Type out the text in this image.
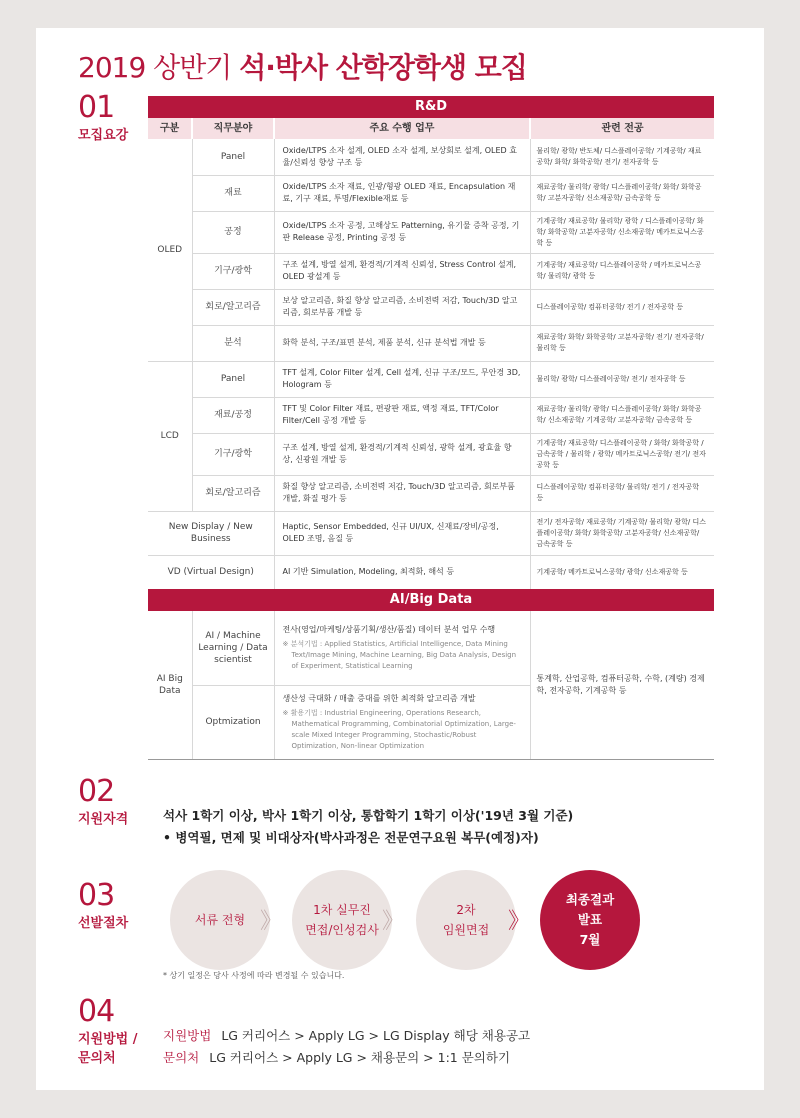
2019 상반기 석·박사 산학장학생 모집
01
모집요강
R&D			
구분	직무분야	주요 수행 업무	관련 전공
OLED	Panel	Oxide/LTPS 소자 설계, OLED 소자 설계, 보상회로 설계, OLED 효율/신뢰성 향상 구조 등	물리학/ 광학/ 반도체/ 디스플레이공학/ 기계공학/ 재료공학/ 화학/ 화학공학/ 전기/ 전자공학 등
	재료	Oxide/LTPS 소자 재료, 인광/형광 OLED 재료, Encapsulation 재료, 기구 재료, 투명/Flexible재료 등	재료공학/ 물리학/ 광학/ 디스플레이공학/ 화학/ 화학공학/ 고분자공학/ 신소재공학/ 금속공학 등
	공정	Oxide/LTPS 소자 공정, 고해상도 Patterning, 유기물 증착 공정, 기판 Release 공정, Printing 공정 등	기계공학/ 재료공학/ 물리학/ 광학 / 디스플레이공학/ 화학/ 화학공학/ 고분자공학/ 신소재공학/ 메카트로닉스공학 등
	기구/광학	구조 설계, 방열 설계, 환경적/기계적 신뢰성, Stress Control 설계, OLED 광설계 등	기계공학/ 재료공학/ 디스플레이공학 / 메카트로닉스공학/ 물리학/ 광학 등
	회로/알고리즘	보상 알고리즘, 화질 향상 알고리즘, 소비전력 저감, Touch/3D 알고리즘, 회로부품 개발 등	디스플레이공학/ 컴퓨터공학/ 전기 / 전자공학 등
	분석	화학 분석, 구조/표면 분석, 제품 분석, 신규 분석법 개발 등	재료공학/ 화학/ 화학공학/ 고분자공학/ 전기/ 전자공학/ 물리학 등
LCD	Panel	TFT 설계, Color Filter 설계, Cell 설계, 신규 구조/모드, 무안경 3D, Hologram 등	물리학/ 광학/ 디스플레이공학/ 전기/ 전자공학 등
	재료/공정	TFT 및 Color Filter 재료, 편광판 재료, 액정 재료, TFT/Color Filter/Cell 공정 개발 등	재료공학/ 물리학/ 광학/ 디스플레이공학/ 화학/ 화학공학/ 신소재공학/ 기계공학/ 고분자공학/ 금속공학 등
	기구/광학	구조 설계, 방열 설계, 환경적/기계적 신뢰성, 광학 설계, 광효율 향상, 신광원 개발 등	기계공학/ 재료공학/ 디스플레이공학 / 화학/ 화학공학 / 금속공학 / 물리학 / 광학/ 메카트로닉스공학/ 전기/ 전자공학 등
	회로/알고리즘	화질 향상 알고리즘, 소비전력 저감, Touch/3D 알고리즘, 회로부품 개발, 화질 평가 등	디스플레이공학/ 컴퓨터공학/ 물리학/ 전기 / 전자공학 등
New Display / New Business		Haptic, Sensor Embedded, 신규 UI/UX, 신재료/장비/공정, OLED 조명, 음질 등	전기/ 전자공학/ 재료공학/ 기계공학/ 물리학/ 광학/ 디스플레이공학/ 화학/ 화학공학/ 고분자공학/ 신소재공학/ 금속공학 등
VD (Virtual Design)		AI 기반 Simulation, Modeling, 최적화, 해석 등	기계공학/ 메카트로닉스공학/ 광학/ 신소재공학 등
AI/Big Data			
AI Big Data	AI / Machine Learning / Data scientist	전사(영업/마케팅/상품기획/생산/품질) 데이터 분석 업무 수행
※ 분석기법 : Applied Statistics, Artificial Intelligence, Data Mining Text/Image Mining, Machine Learning, Big Data Analysis, Design of Experiment, Statistical Learning	통계학, 산업공학, 컴퓨터공학, 수학, (계량) 경제학, 전자공학, 기계공학 등
	Optmization	생산성 극대화 / 매출 증대를 위한 최적화 알고리즘 개발
※ 활용기법 : Industrial Engineering, Operations Research, Mathematical Programming, Combinatorial Optimization, Large-scale Mixed Integer Programming, Stochastic/Robust Optimization, Non-linear Optimization	
02
지원자격	석사 1학기 이상, 박사 1학기 이상, 통합학기 1학기 이상('19년 3월 기준)
• 병역필, 면제 및 비대상자(박사과정은 전문연구요원 복무(예정)자)
03
선발절차	서류 전형 》	1차 실무진
면접/인성검사 》	2차
임원면접 》
최종결과
발표
7월
* 상기 일정은 당사 사정에 따라 변경될 수 있습니다.
04
지원방법 / 문의처
지원방법 LG 커리어스 > Apply LG > LG Display 해당 채용공고
문의처 LG 커리어스 > Apply LG > 채용문의 > 1:1 문의하기
